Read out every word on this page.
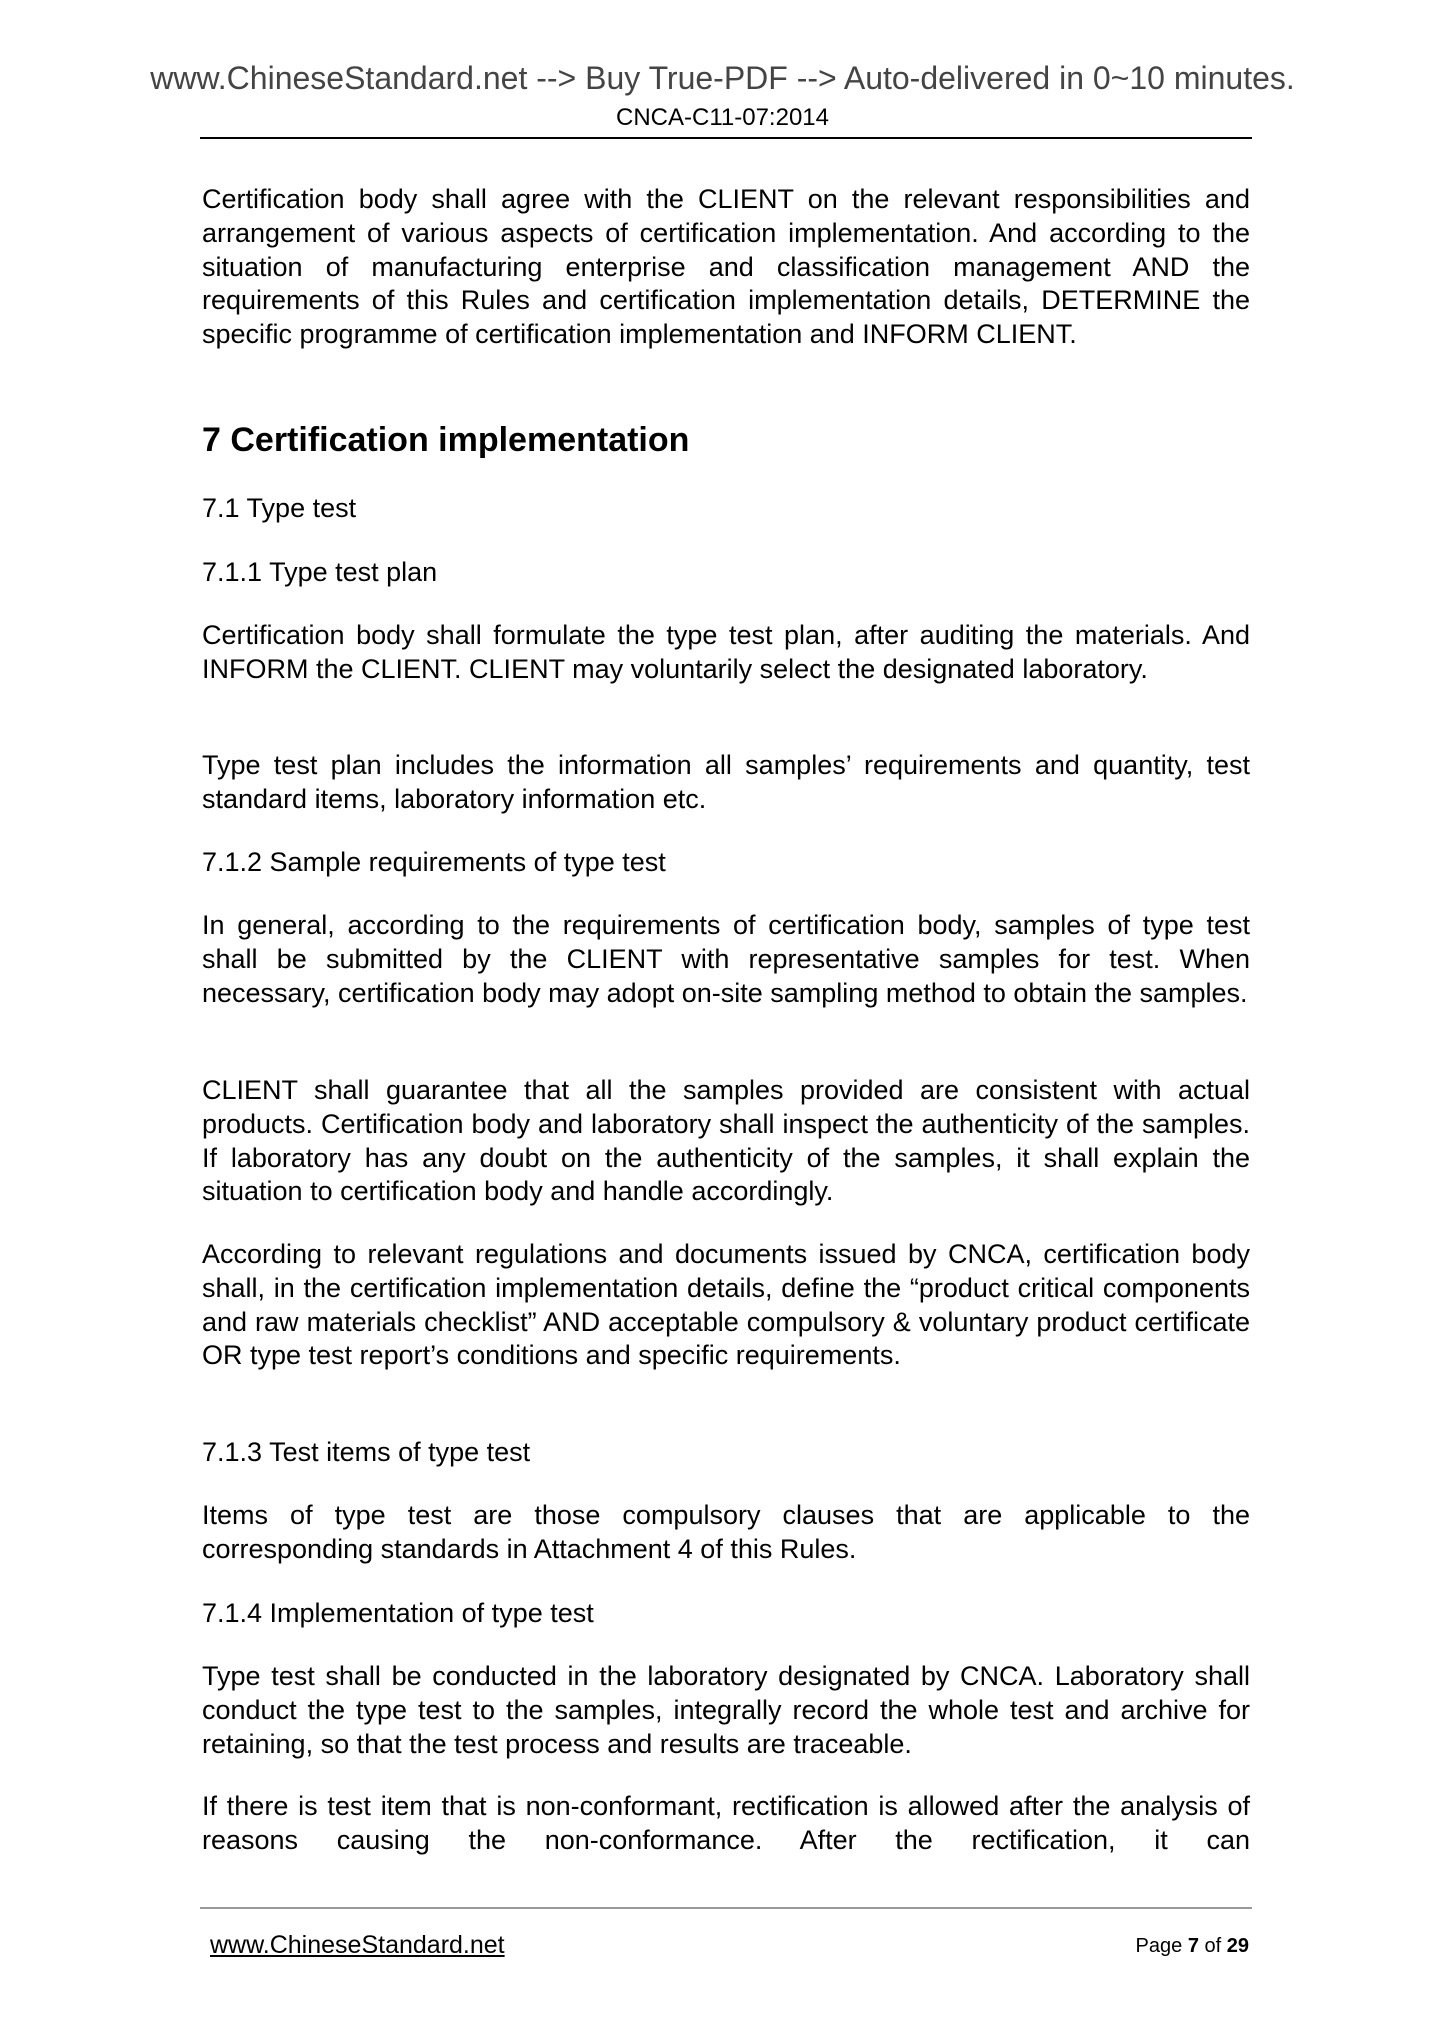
www.ChineseStandard.net --> Buy True-PDF --> Auto-delivered in 0~10 minutes.
CNCA-C11-07:2014

Certification body shall agree with the CLIENT on the relevant responsibilities and arrangement of various aspects of certification implementation. And according to the situation of manufacturing enterprise and classification management AND the requirements of this Rules and certification implementation details, DETERMINE the specific programme of certification implementation and INFORM CLIENT.

7 Certification implementation

7.1 Type test

7.1.1 Type test plan

Certification body shall formulate the type test plan, after auditing the materials. And INFORM the CLIENT. CLIENT may voluntarily select the designated laboratory.

Type test plan includes the information all samples’ requirements and quantity, test standard items, laboratory information etc.

7.1.2 Sample requirements of type test

In general, according to the requirements of certification body, samples of type test shall be submitted by the CLIENT with representative samples for test. When necessary, certification body may adopt on-site sampling method to obtain the samples.

CLIENT shall guarantee that all the samples provided are consistent with actual products. Certification body and laboratory shall inspect the authenticity of the samples. If laboratory has any doubt on the authenticity of the samples, it shall explain the situation to certification body and handle accordingly.

According to relevant regulations and documents issued by CNCA, certification body shall, in the certification implementation details, define the “product critical components and raw materials checklist” AND acceptable compulsory & voluntary product certificate OR type test report’s conditions and specific requirements.

7.1.3 Test items of type test

Items of type test are those compulsory clauses that are applicable to the corresponding standards in Attachment 4 of this Rules.

7.1.4 Implementation of type test

Type test shall be conducted in the laboratory designated by CNCA. Laboratory shall conduct the type test to the samples, integrally record the whole test and archive for retaining, so that the test process and results are traceable.

If there is test item that is non-conformant, rectification is allowed after the analysis of reasons causing the non-conformance. After the rectification, it can

www.ChineseStandard.net	Page 7 of 29
